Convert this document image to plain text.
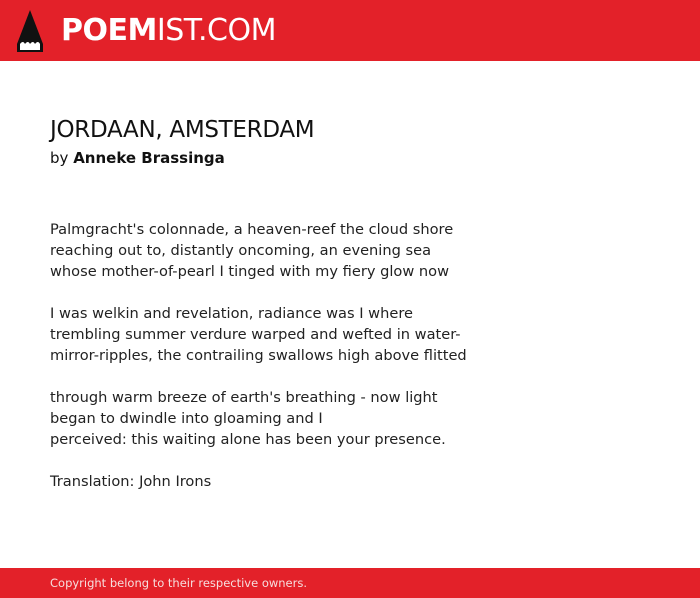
POEMIST.COM
JORDAAN, AMSTERDAM
by Anneke Brassinga

Palmgracht's colonnade, a heaven-reef the cloud shore
reaching out to, distantly oncoming, an evening sea
whose mother-of-pearl I tinged with my fiery glow now

I was welkin and revelation, radiance was I where
trembling summer verdure warped and wefted in water-
mirror-ripples, the contrailing swallows high above flitted

through warm breeze of earth's breathing - now light
began to dwindle into gloaming and I
perceived: this waiting alone has been your presence.

Translation: John Irons

Copyright belong to their respective owners.
